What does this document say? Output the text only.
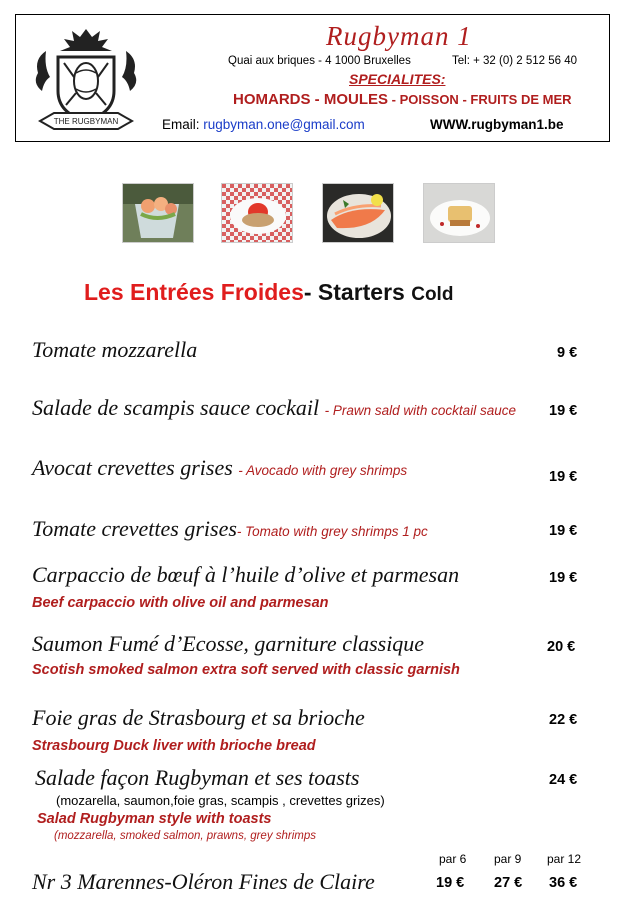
THE RUGBYMAN
Rugbyman 1
Quai aux briques - 4 1000 Bruxelles	Tel: + 32 (0) 2 512 56 40
SPECIALITES:
HOMARDS - MOULES - POISSON - FRUITS DE MER
Email: rugbyman.one@gmail.com	WWW.rugbyman1.be
Les Entrées Froides- Starters Cold
Tomate mozzarella	9 €
Salade de scampis sauce cockail - Prawn sald with cocktail sauce 19 €
Avocat crevettes grises - Avocado with grey shrimps	19 €
Tomate crevettes grises- Tomato with grey shrimps 1 pc	19 €
Carpaccio de bœuf à l’huile d’olive et parmesan
Beef carpaccio with olive oil and parmesan
19 €
Saumon Fumé d’Ecosse, garniture classique
Scotish smoked salmon extra soft served with classic garnish
20 €
Foie gras de Strasbourg et sa brioche
Strasbourg Duck liver with brioche bread
22 €
Salade façon Rugbyman et ses toasts
(mozarella, saumon,foie gras, scampis , crevettes grizes)
Salad Rugbyman style with toasts
(mozzarella, smoked salmon, prawns, grey shrimps
24 €
par 6 par 9 par 12
Nr 3 Marennes-Oléron Fines de Claire	19 € 27 € 36 €
